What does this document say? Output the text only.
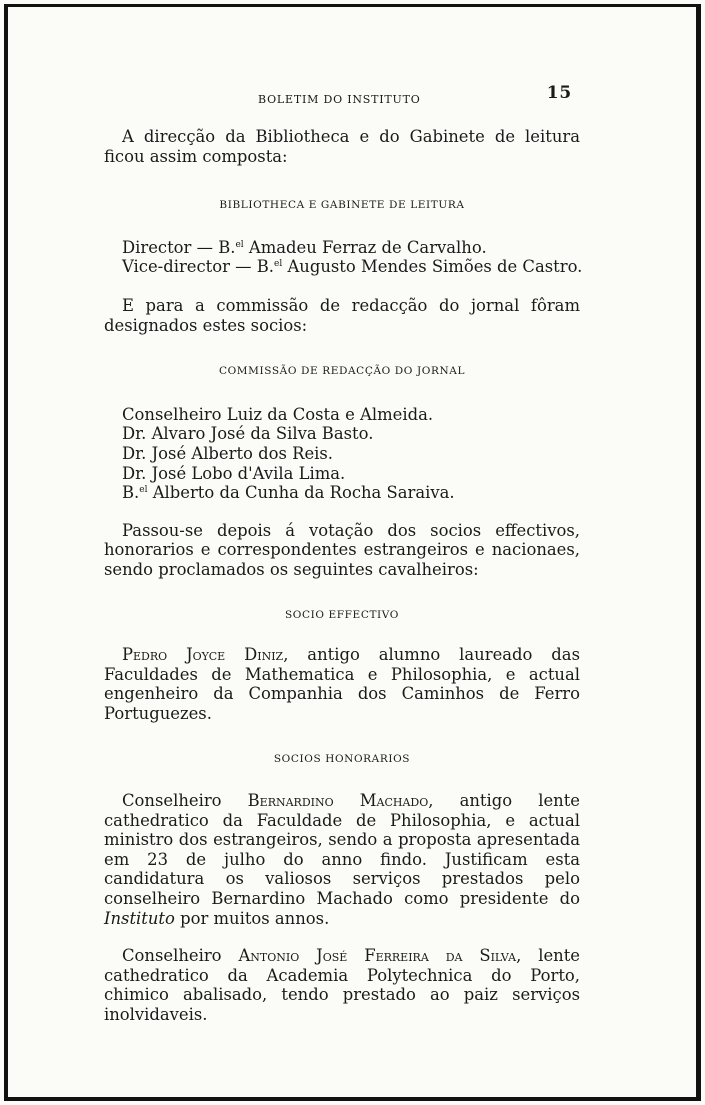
BOLETIM DO INSTITUTO	15

A direcção da Bibliotheca e do Gabinete de leitura ficou assim composta:

BIBLIOTHECA E GABINETE DE LEITURA
Director — B.$^{el}$ Amadeu Ferraz de Carvalho.
Vice-director — B.$^{el}$ Augusto Mendes Simões de Castro.

E para a commissão de redacção do jornal fôram designados estes socios:

COMMISSÃO DE REDACÇÃO DO JORNAL
Conselheiro Luiz da Costa e Almeida.
Dr. Alvaro José da Silva Basto.
Dr. José Alberto dos Reis.
Dr. José Lobo d'Avila Lima.
B.$^{el}$ Alberto da Cunha da Rocha Saraiva.

Passou-se depois á votação dos socios effectivos, honorarios e correspondentes estrangeiros e nacionaes, sendo proclamados os seguintes cavalheiros:

SOCIO EFFECTIVO

Pedro Joyce Diniz, antigo alumno laureado das Faculdades de Mathematica e Philosophia, e actual engenheiro da Companhia dos Caminhos de Ferro Portuguezes.

SOCIOS HONORARIOS

Conselheiro Bernardino Machado, antigo lente cathedratico da Faculdade de Philosophia, e actual ministro dos estrangeiros, sendo a proposta apresentada em 23 de julho do anno findo. Justificam esta candidatura os valiosos serviços prestados pelo conselheiro Bernardino Machado como presidente do Instituto por muitos annos.

Conselheiro Antonio José Ferreira da Silva, lente cathedratico da Academia Polytechnica do Porto, chimico abalisado, tendo prestado ao paiz serviços inolvidaveis.
